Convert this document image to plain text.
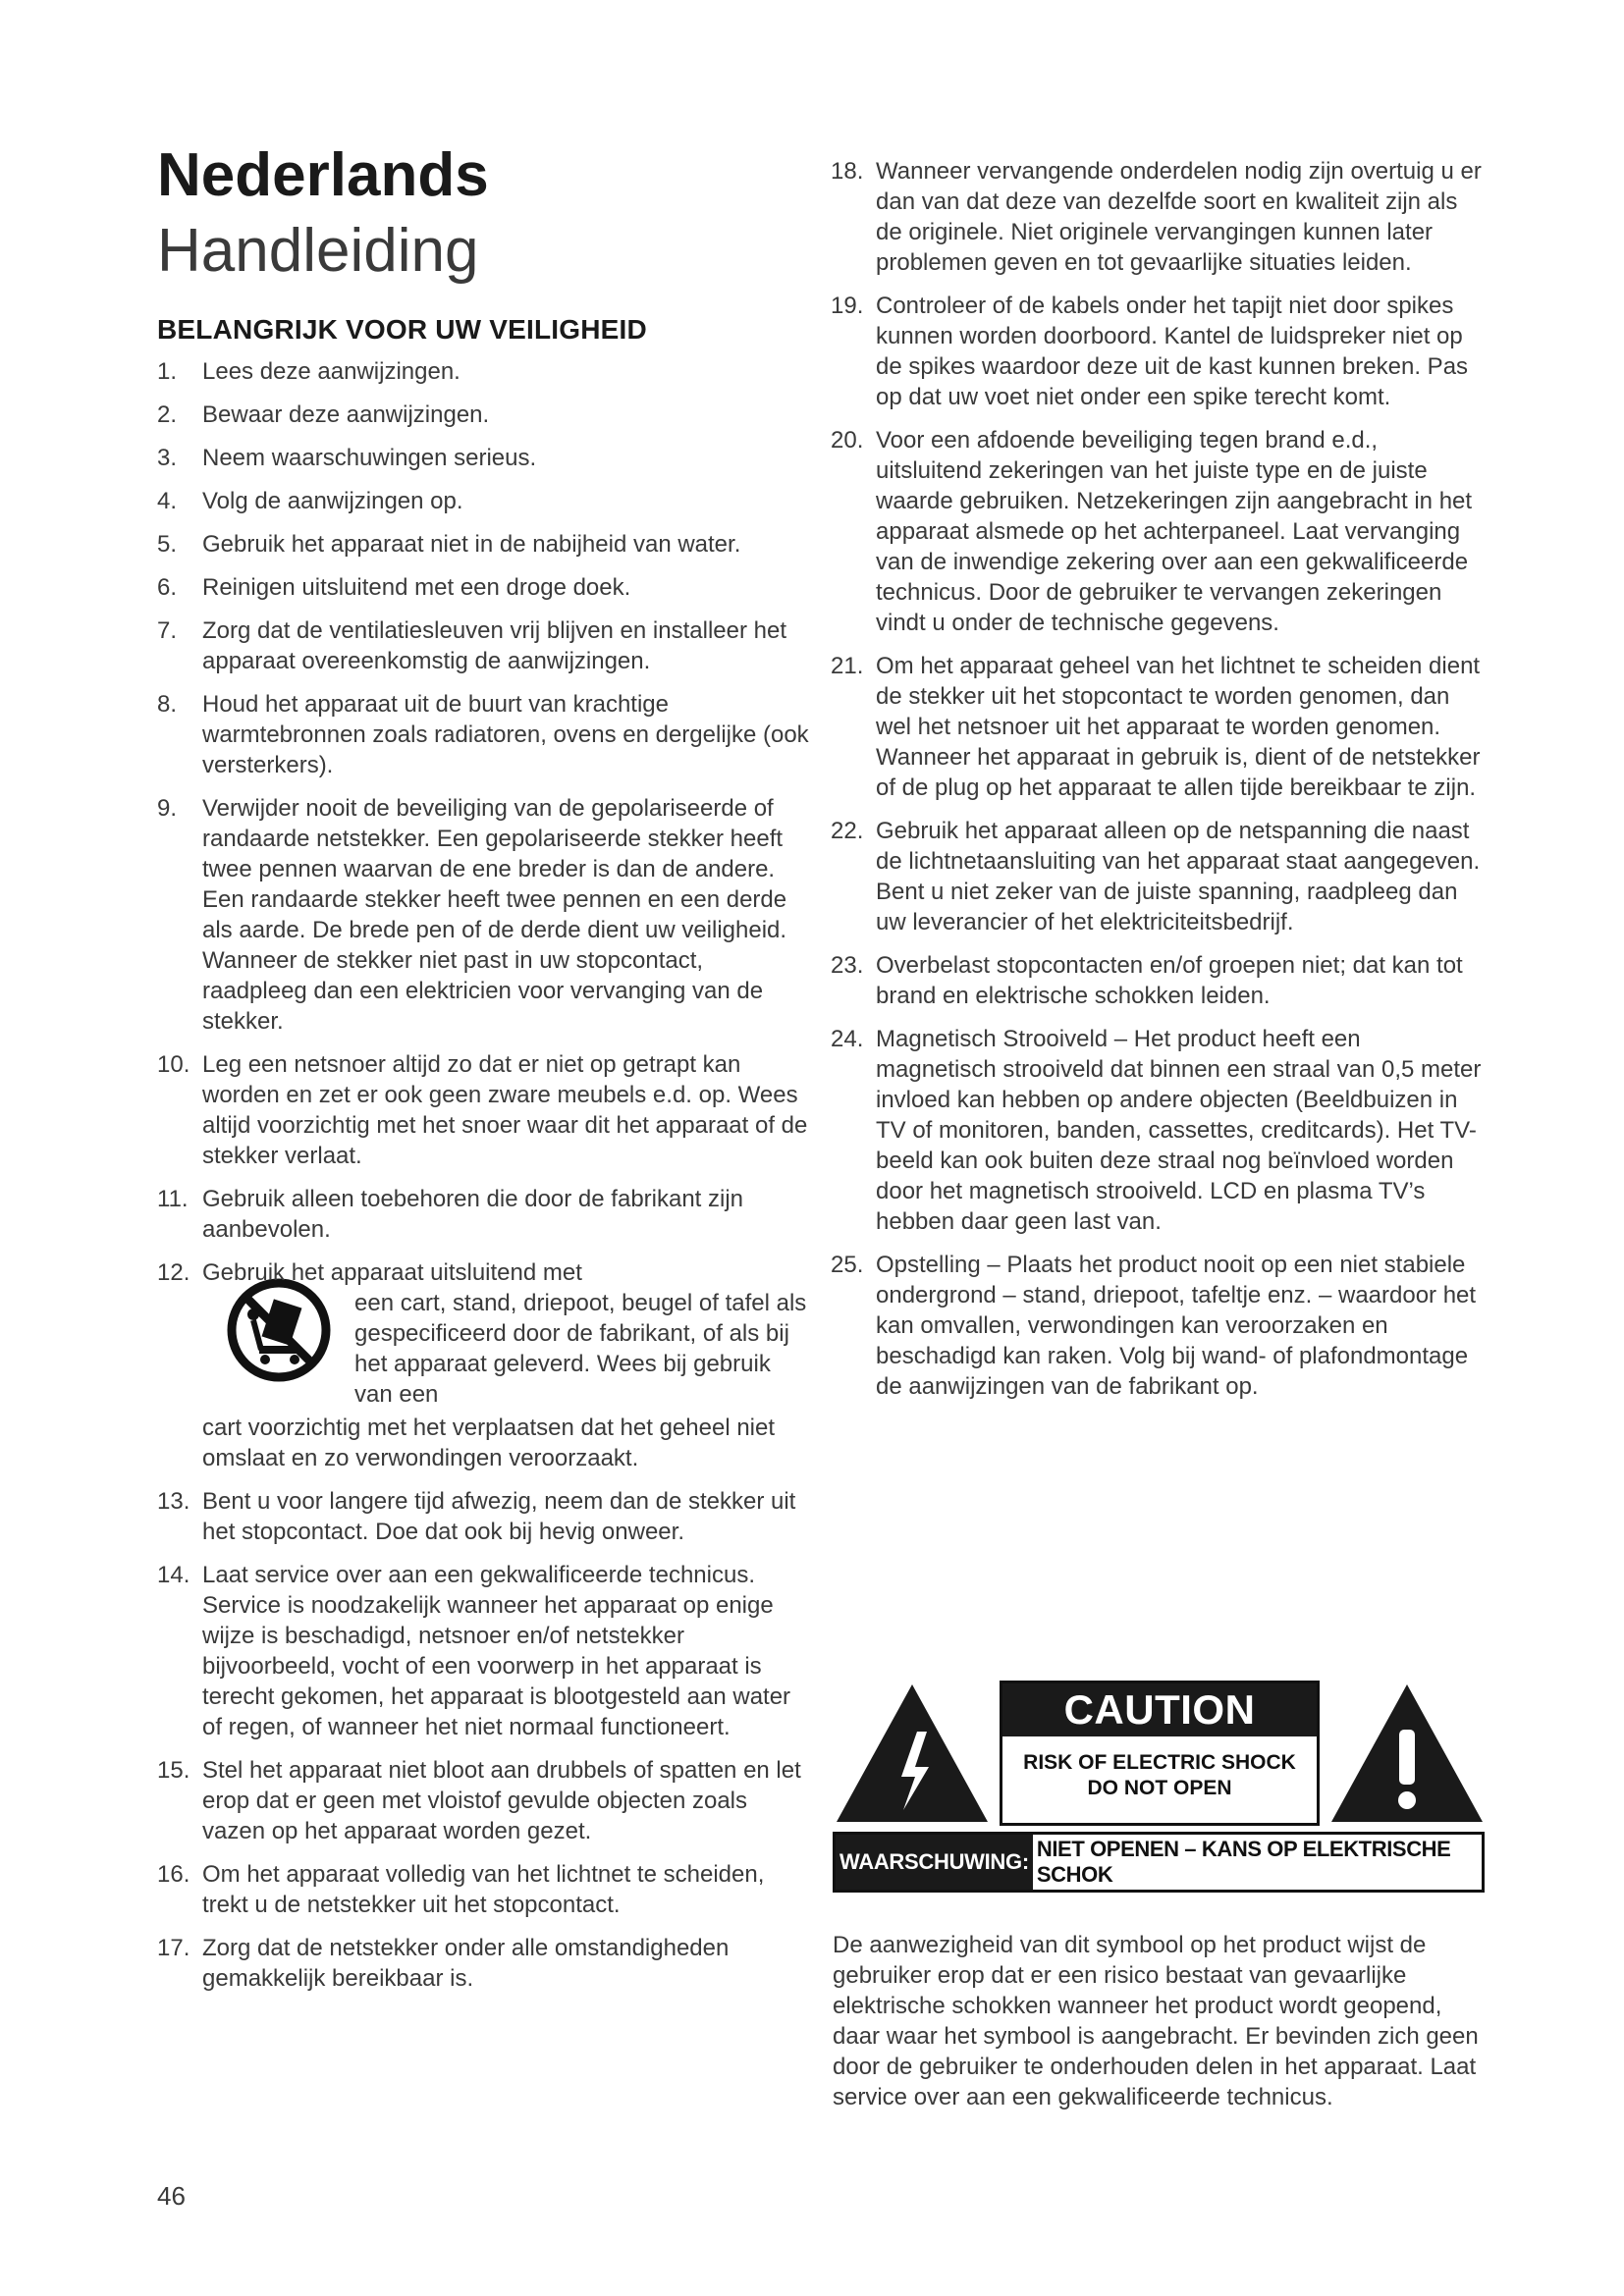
Nederlands
Handleiding
BELANGRIJK VOOR UW VEILIGHEID
1. Lees deze aanwijzingen.
2. Bewaar deze aanwijzingen.
3. Neem waarschuwingen serieus.
4. Volg de aanwijzingen op.
5. Gebruik het apparaat niet in de nabijheid van water.
6. Reinigen uitsluitend met een droge doek.
7. Zorg dat de ventilatiesleuven vrij blijven en installeer het apparaat overeenkomstig de aanwijzingen.
8. Houd het apparaat uit de buurt van krachtige warmtebronnen zoals radiatoren, ovens en dergelijke (ook versterkers).
9. Verwijder nooit de beveiliging van de gepolariseerde of randaarde netstekker. Een gepolariseerde stekker heeft twee pennen waarvan de ene breder is dan de andere. Een randaarde stekker heeft twee pennen en een derde als aarde. De brede pen of de derde dient uw veiligheid. Wanneer de stekker niet past in uw stopcontact, raadpleeg dan een elektricien voor vervanging van de stekker.
10. Leg een netsnoer altijd zo dat er niet op getrapt kan worden en zet er ook geen zware meubels e.d. op. Wees altijd voorzichtig met het snoer waar dit het apparaat of de stekker verlaat.
11. Gebruik alleen toebehoren die door de fabrikant zijn aanbevolen.
12. Gebruik het apparaat uitsluitend met
een cart, stand, driepoot, beugel of tafel als gespecificeerd door de fabrikant, of als bij het apparaat geleverd. Wees bij gebruik van een
cart voorzichtig met het verplaatsen dat het geheel niet omslaat en zo verwondingen veroorzaakt.
13. Bent u voor langere tijd afwezig, neem dan de stekker uit het stopcontact. Doe dat ook bij hevig onweer.
14. Laat service over aan een gekwalificeerde technicus. Service is noodzakelijk wanneer het apparaat op enige wijze is beschadigd, netsnoer en/of netstekker bijvoorbeeld, vocht of een voorwerp in het apparaat is terecht gekomen, het apparaat is blootgesteld aan water of regen, of wanneer het niet normaal functioneert.
15. Stel het apparaat niet bloot aan drubbels of spatten en let erop dat er geen met vloistof gevulde objecten zoals vazen op het apparaat worden gezet.
16. Om het apparaat volledig van het lichtnet te scheiden, trekt u de netstekker uit het stopcontact.
17. Zorg dat de netstekker onder alle omstandigheden gemakkelijk bereikbaar is.
18. Wanneer vervangende onderdelen nodig zijn overtuig u er dan van dat deze van dezelfde soort en kwaliteit zijn als de originele. Niet originele vervangingen kunnen later problemen geven en tot gevaarlijke situaties leiden.
19. Controleer of de kabels onder het tapijt niet door spikes kunnen worden doorboord. Kantel de luidspreker niet op de spikes waardoor deze uit de kast kunnen breken. Pas op dat uw voet niet onder een spike terecht komt.
20. Voor een afdoende beveiliging tegen brand e.d., uitsluitend zekeringen van het juiste type en de juiste waarde gebruiken. Netzekeringen zijn aangebracht in het apparaat alsmede op het achterpaneel. Laat vervanging van de inwendige zekering over aan een gekwalificeerde technicus. Door de gebruiker te vervangen zekeringen vindt u onder de technische gegevens.
21. Om het apparaat geheel van het lichtnet te scheiden dient de stekker uit het stopcontact te worden genomen, dan wel het netsnoer uit het apparaat te worden genomen. Wanneer het apparaat in gebruik is, dient of de netstekker of de plug op het apparaat te allen tijde bereikbaar te zijn.
22. Gebruik het apparaat alleen op de netspanning die naast de lichtnetaansluiting van het apparaat staat aangegeven. Bent u niet zeker van de juiste spanning, raadpleeg dan uw leverancier of het elektriciteitsbedrijf.
23. Overbelast stopcontacten en/of groepen niet; dat kan tot brand en elektrische schokken leiden.
24. Magnetisch Strooiveld – Het product heeft een magnetisch strooiveld dat binnen een straal van 0,5 meter invloed kan hebben op andere objecten (Beeldbuizen in TV of monitoren, banden, cassettes, creditcards). Het TV-beeld kan ook buiten deze straal nog beïnvloed worden door het magnetisch strooiveld. LCD en plasma TV’s hebben daar geen last van.
25. Opstelling – Plaats het product nooit op een niet stabiele ondergrond – stand, driepoot, tafeltje enz. – waardoor het kan omvallen, verwondingen kan veroorzaken en beschadigd kan raken. Volg bij wand- of plafondmontage de aanwijzingen van de fabrikant op.
CAUTION
RISK OF ELECTRIC SHOCK
DO NOT OPEN
WAARSCHUWING:
NIET OPENEN – KANS OP ELEKTRISCHE SCHOK
De aanwezigheid van dit symbool op het product wijst de gebruiker erop dat er een risico bestaat van gevaarlijke elektrische schokken wanneer het product wordt geopend, daar waar het symbool is aangebracht. Er bevinden zich geen door de gebruiker te onderhouden delen in het apparaat. Laat service over aan een gekwalificeerde technicus.
46
